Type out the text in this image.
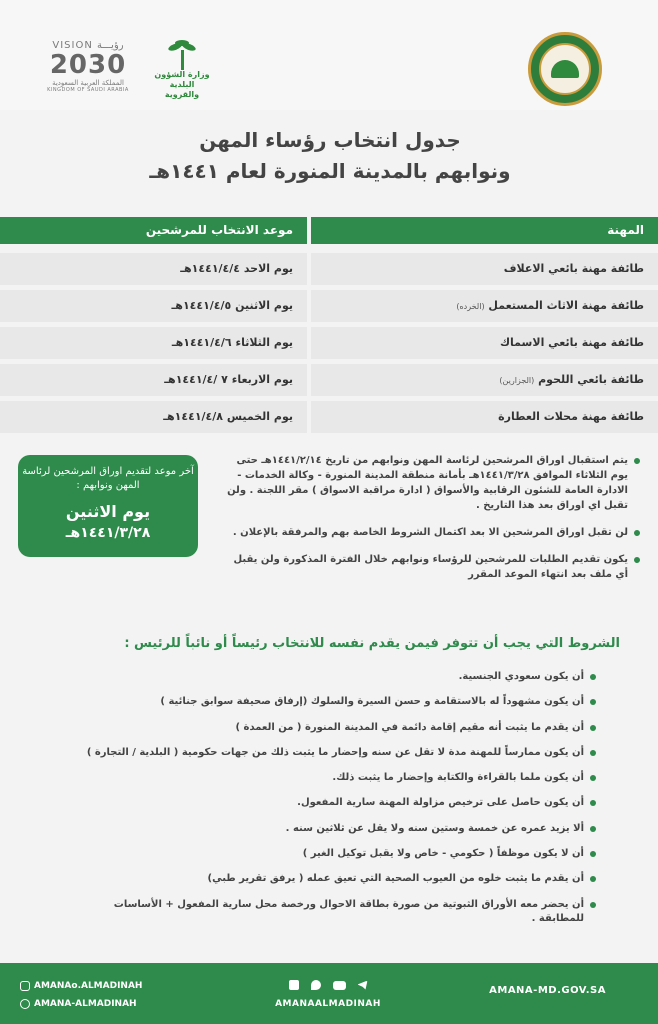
وزارة الشؤون البلدية والقروية
VISION رؤيـــة
2030
المملكة العربية السعودية
KINGDOM OF SAUDI ARABIA
جدول انتخاب رؤساء المهن
ونوابهم بالمدينة المنورة لعام ١٤٤١هـ
المهنة
موعد الانتخاب للمرشحين
طائفة مهنة بائعي الاعلاف
يوم الاحد ١٤٤١/٤/٤هـ
طائفة مهنة الاثاث المستعمل (الخرده)
يوم الاثنين ١٤٤١/٤/٥هـ
طائفة مهنة بائعي الاسماك
يوم الثلاثاء ١٤٤١/٤/٦هـ
طائفة بائعي اللحوم (الجزارين)
يوم الاربعاء ٧ /١٤٤١/٤هـ
طائفة مهنة محلات العطارة
يوم الخميس ١٤٤١/٤/٨هـ
آخر موعد لتقديم اوراق المرشحين لرئاسة المهن ونوابهم :
يوم الاثنين
١٤٤١/٣/٢٨هـ
يتم استقبال اوراق المرشحين لرئاسة المهن ونوابهم من تاريخ ١٤٤١/٢/١٤هـ حتى يوم الثلاثاء الموافق ١٤٤١/٣/٢٨هـ بأمانة منطقة المدينة المنورة - وكالة الخدمات - الادارة العامة للشئون الرقابية والأسواق ( ادارة مراقبة الاسواق ) مقر اللجنة . ولن تقبل اي اوراق بعد هذا التاريخ .
لن تقبل اوراق المرشحين الا بعد اكتمال الشروط الخاصة بهم والمرفقة بالإعلان .
يكون تقديم الطلبات للمرشحين للرؤساء ونوابهم خلال الفترة المذكورة ولن يقبل أي ملف بعد انتهاء الموعد المقرر
الشروط التي يجب أن تتوفر فيمن يقدم نفسه للانتخاب رئيساً أو نائباً للرئيس :
أن يكون سعودي الجنسية.
أن يكون مشهوداً له بالاستقامة و حسن السيرة والسلوك (إرفاق صحيفة سوابق جنائية )
أن يقدم ما يثبت أنه مقيم إقامة دائمة في المدينة المنورة ( من العمدة )
أن يكون ممارساً للمهنة مدة لا تقل عن سنه وإحضار ما يثبت ذلك من جهات حكومية ( البلدية / التجارة )
أن يكون ملما بالقراءة والكتابة وإحضار ما يثبت ذلك.
أن يكون حاصل على ترخيص مزاولة المهنة سارية المفعول.
ألا يزيد عمره عن خمسة وستين سنه ولا يقل عن ثلاثين سنه .
أن لا يكون موظفاً ( حكومي - خاص ولا يقبل توكيل الغير )
أن يقدم ما يثبت خلوه من العيوب الصحية التي تعيق عمله ( يرفق تقرير طبي)
أن يحضر معه الأوراق الثبوتية من صورة بطاقة الاحوال ورخصة محل سارية المفعول + الأساسات للمطابقة .
AMANAo.ALMADINAH
AMANA-ALMADINAH	AMANAALMADINAH
AMANA-MD.GOV.SA
